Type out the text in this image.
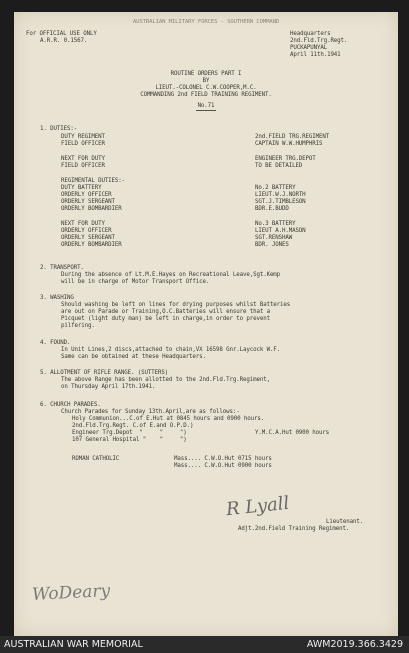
AUSTRALIAN MILITARY FORCES - SOUTHERN COMMAND
For OFFICIAL USE ONLY
A.R.R. 0.1567.
Headquarters
2nd.Fld.Trg.Regt.
PUCKAPUNYAL
April 11th.1941
ROUTINE ORDERS PART I
BY
LIEUT.-COLONEL C.W.COOPER,M.C.
COMMANDING 2nd FIELD TRAINING REGIMENT.
No.71
1. DUTIES:-
DUTY REGIMENT	2nd.FIELD TRG.REGIMENT
FIELD OFFICER	CAPTAIN W.W.HUMPHRIS
NEXT FOR DUTY	ENGINEER TRG.DEPOT
FIELD OFFICER	TO BE DETAILED
REGIMENTAL DUTIES:-
DUTY BATTERY	No.2 BATTERY
ORDERLY OFFICER	LIEUT.W.J.NORTH
ORDERLY SERGEANT	SGT.J.TIMBLESON
ORDERLY BOMBARDIER	BDR.E.BUDD
NEXT FOR DUTY	No.3 BATTERY
ORDERLY OFFICER	LIEUT A.H.MASON
ORDERLY SERGEANT	SGT.RENSHAW
ORDERLY BOMBARDIER	BDR. JONES
2. TRANSPORT.
During the absence of Lt.M.E.Hayes on Recreational Leave,Sgt.Kemp
will be in charge of Motor Transport Office.
3. WASHING
Should washing be left on lines for drying purposes whilst Batteries
are out on Parade or Training,O.C.Batteries will ensure that a
Picquet (light duty man) be left in charge,in order to prevent
pilfering.
4. FOUND.
In Unit Lines,2 discs,attached to chain,VX 16598 Gnr.Laycock W.F.
Same can be obtained at these Headquarters.
5. ALLOTMENT OF RIFLE RANGE. (SUTTERS)
The above Range has been allotted to the 2nd.Fld.Trg.Regiment,
on Thursday April 17th.1941.
6. CHURCH PARADES.
Church Parades for Sunday 13th.April,are as follows:-
Holy Communion...C.of E.Hut at 0845 hours and 0900 hours.
2nd.Fld.Trg.Regt. C.of E.and O.P.D.)
Engineer Trg.Depot  "     "     ")
107 General Hospital "    "     ")
Y.M.C.A.Hut 0900 hours
ROMAN CATHOLIC	Mass.... C.W.O.Hut 0715 hours
Mass.... C.W.O.Hut 0900 hours
R Lyall
Lieutenant.
Adjt.2nd.Field Training Regiment.
WoDeary
AUSTRALIAN WAR MEMORIAL	AWM2019.366.3429
